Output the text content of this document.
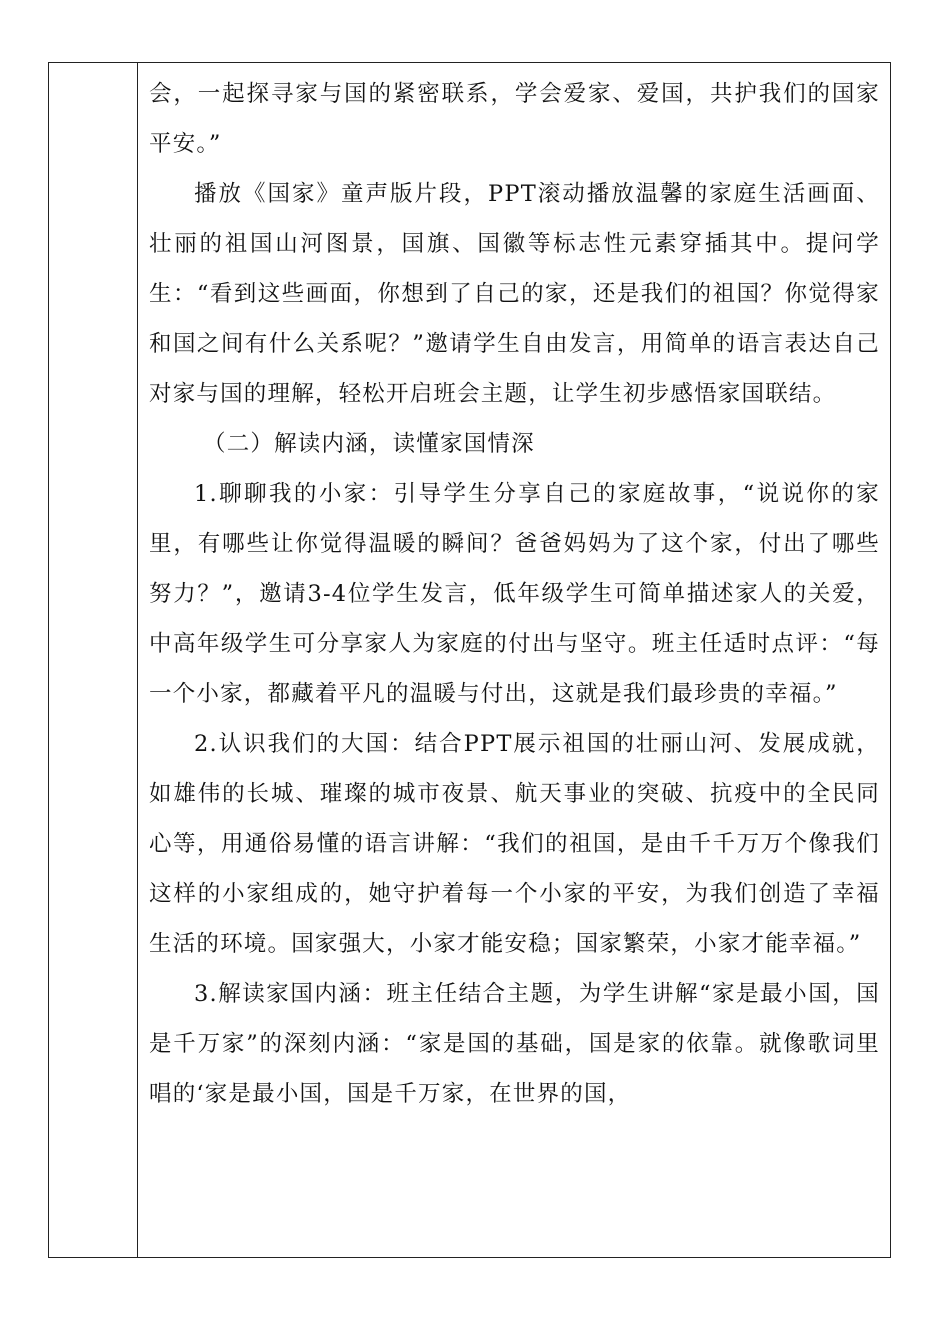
会，一起探寻家与国的紧密联系，学会爱家、爱国，共护我们的国家平安。”

播放《国家》童声版片段，PPT滚动播放温馨的家庭生活画面、壮丽的祖国山河图景，国旗、国徽等标志性元素穿插其中。提问学生：“看到这些画面，你想到了自己的家，还是我们的祖国？你觉得家和国之间有什么关系呢？”邀请学生自由发言，用简单的语言表达自己对家与国的理解，轻松开启班会主题，让学生初步感悟家国联结。

（二）解读内涵，读懂家国情深

1.聊聊我的小家：引导学生分享自己的家庭故事，“说说你的家里，有哪些让你觉得温暖的瞬间？爸爸妈妈为了这个家，付出了哪些努力？”，邀请3-4位学生发言，低年级学生可简单描述家人的关爱，中高年级学生可分享家人为家庭的付出与坚守。班主任适时点评：“每一个小家，都藏着平凡的温暖与付出，这就是我们最珍贵的幸福。”

2.认识我们的大国：结合PPT展示祖国的壮丽山河、发展成就，如雄伟的长城、璀璨的城市夜景、航天事业的突破、抗疫中的全民同心等，用通俗易懂的语言讲解：“我们的祖国，是由千千万万个像我们这样的小家组成的，她守护着每一个小家的平安，为我们创造了幸福生活的环境。国家强大，小家才能安稳；国家繁荣，小家才能幸福。”

3.解读家国内涵：班主任结合主题，为学生讲解“家是最小国，国是千万家”的深刻内涵：“家是国的基础，国是家的依靠。就像歌词里唱的‘家是最小国，国是千万家，在世界的国，
